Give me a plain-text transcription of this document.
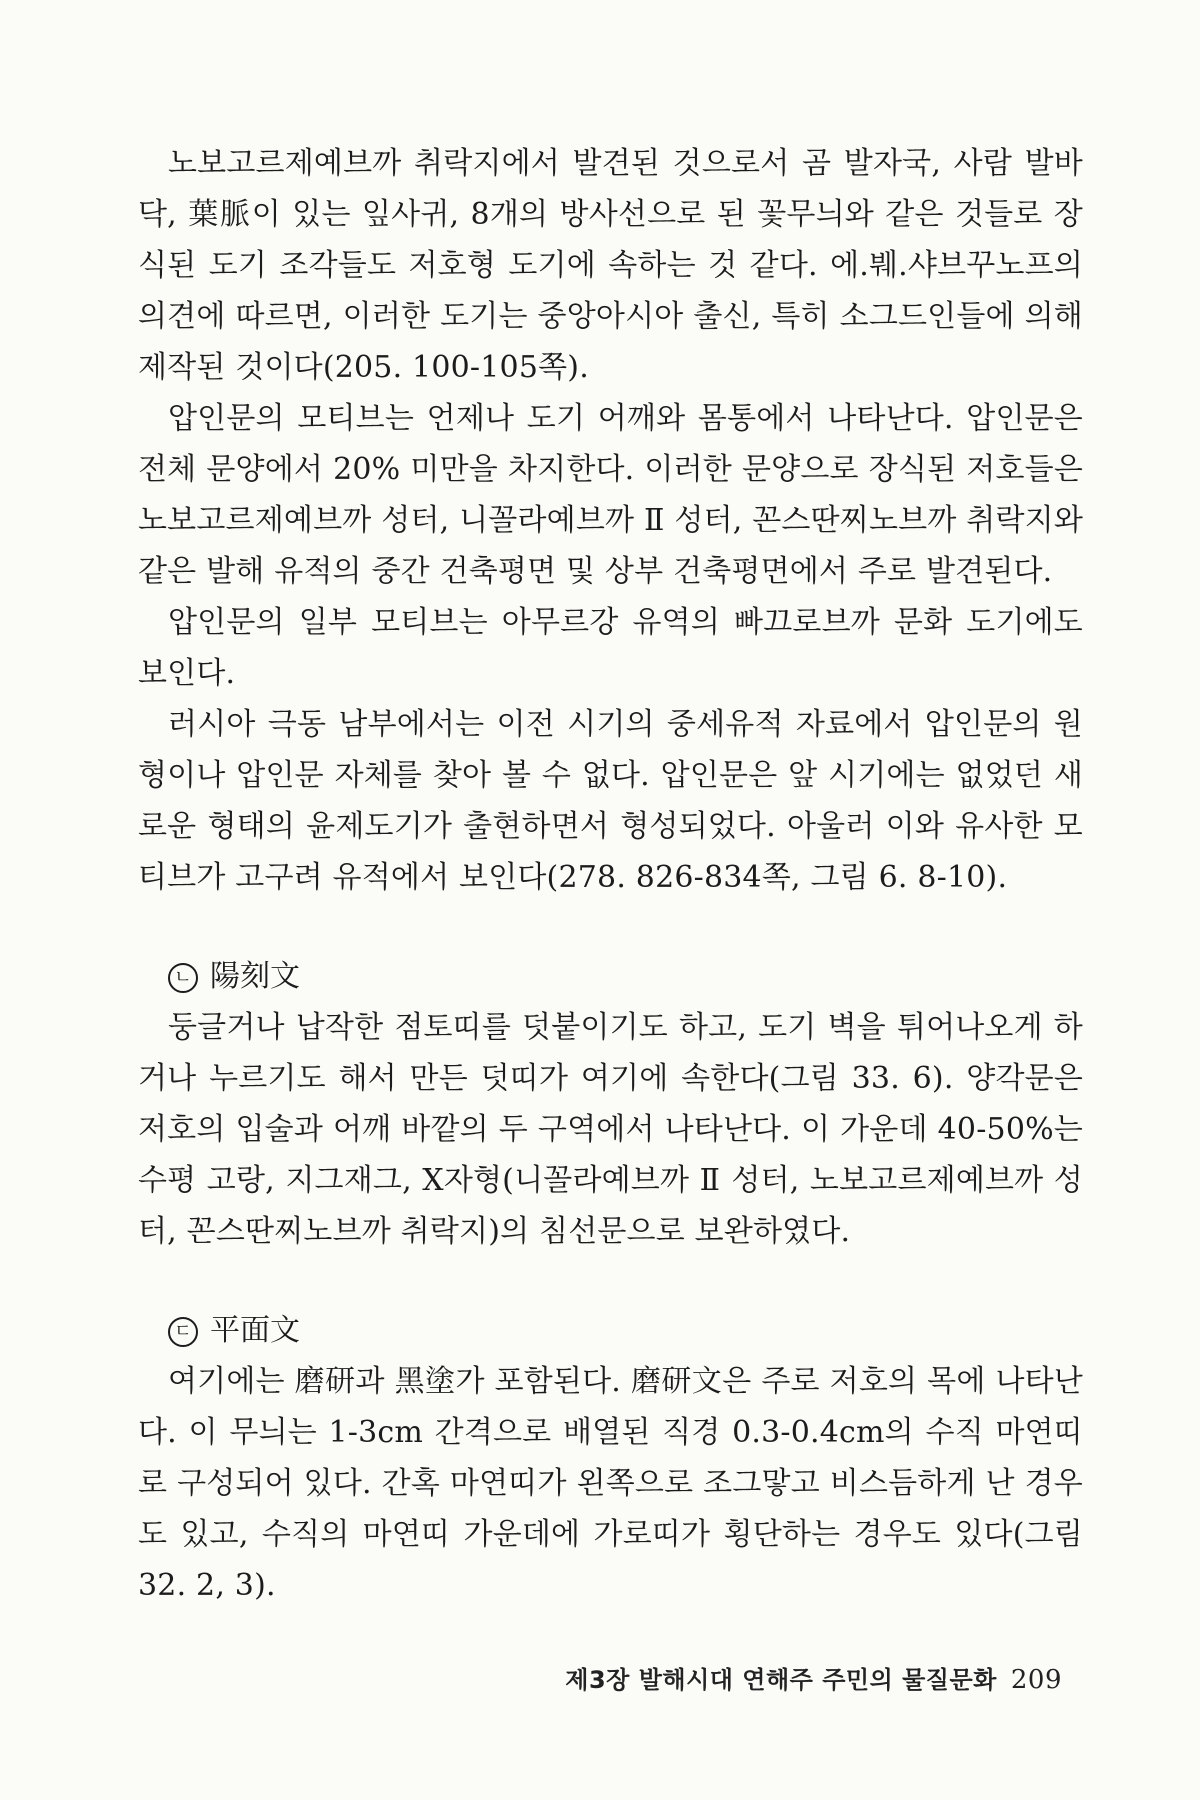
노보고르제예브까 취락지에서 발견된 것으로서 곰 발자국, 사람 발바닥, 葉脈이 있는 잎사귀, 8개의 방사선으로 된 꽃무늬와 같은 것들로 장식된 도기 조각들도 저호형 도기에 속하는 것 같다. 에.붸.샤브꾸노프의 의견에 따르면, 이러한 도기는 중앙아시아 출신, 특히 소그드인들에 의해 제작된 것이다(205. 100-105쪽).

압인문의 모티브는 언제나 도기 어깨와 몸통에서 나타난다. 압인문은 전체 문양에서 20% 미만을 차지한다. 이러한 문양으로 장식된 저호들은 노보고르제예브까 성터, 니꼴라예브까 Ⅱ 성터, 꼰스딴찌노브까 취락지와 같은 발해 유적의 중간 건축평면 및 상부 건축평면에서 주로 발견된다.

압인문의 일부 모티브는 아무르강 유역의 빠끄로브까 문화 도기에도 보인다.

러시아 극동 남부에서는 이전 시기의 중세유적 자료에서 압인문의 원형이나 압인문 자체를 찾아 볼 수 없다. 압인문은 앞 시기에는 없었던 새로운 형태의 윤제도기가 출현하면서 형성되었다. 아울러 이와 유사한 모티브가 고구려 유적에서 보인다(278. 826-834쪽, 그림 6. 8-10).

ㄴ 陽刻文

둥글거나 납작한 점토띠를 덧붙이기도 하고, 도기 벽을 튀어나오게 하거나 누르기도 해서 만든 덧띠가 여기에 속한다(그림 33. 6). 양각문은 저호의 입술과 어깨 바깥의 두 구역에서 나타난다. 이 가운데 40-50%는 수평 고랑, 지그재그, X자형(니꼴라예브까 Ⅱ 성터, 노보고르제예브까 성터, 꼰스딴찌노브까 취락지)의 침선문으로 보완하였다.

ㄷ 平面文

여기에는 磨研과 黑塗가 포함된다. 磨研文은 주로 저호의 목에 나타난다. 이 무늬는 1-3cm 간격으로 배열된 직경 0.3-0.4cm의 수직 마연띠로 구성되어 있다. 간혹 마연띠가 왼쪽으로 조그맣고 비스듬하게 난 경우도 있고, 수직의 마연띠 가운데에 가로띠가 횡단하는 경우도 있다(그림 32. 2, 3).

제3장 발해시대 연해주 주민의 물질문화 209
